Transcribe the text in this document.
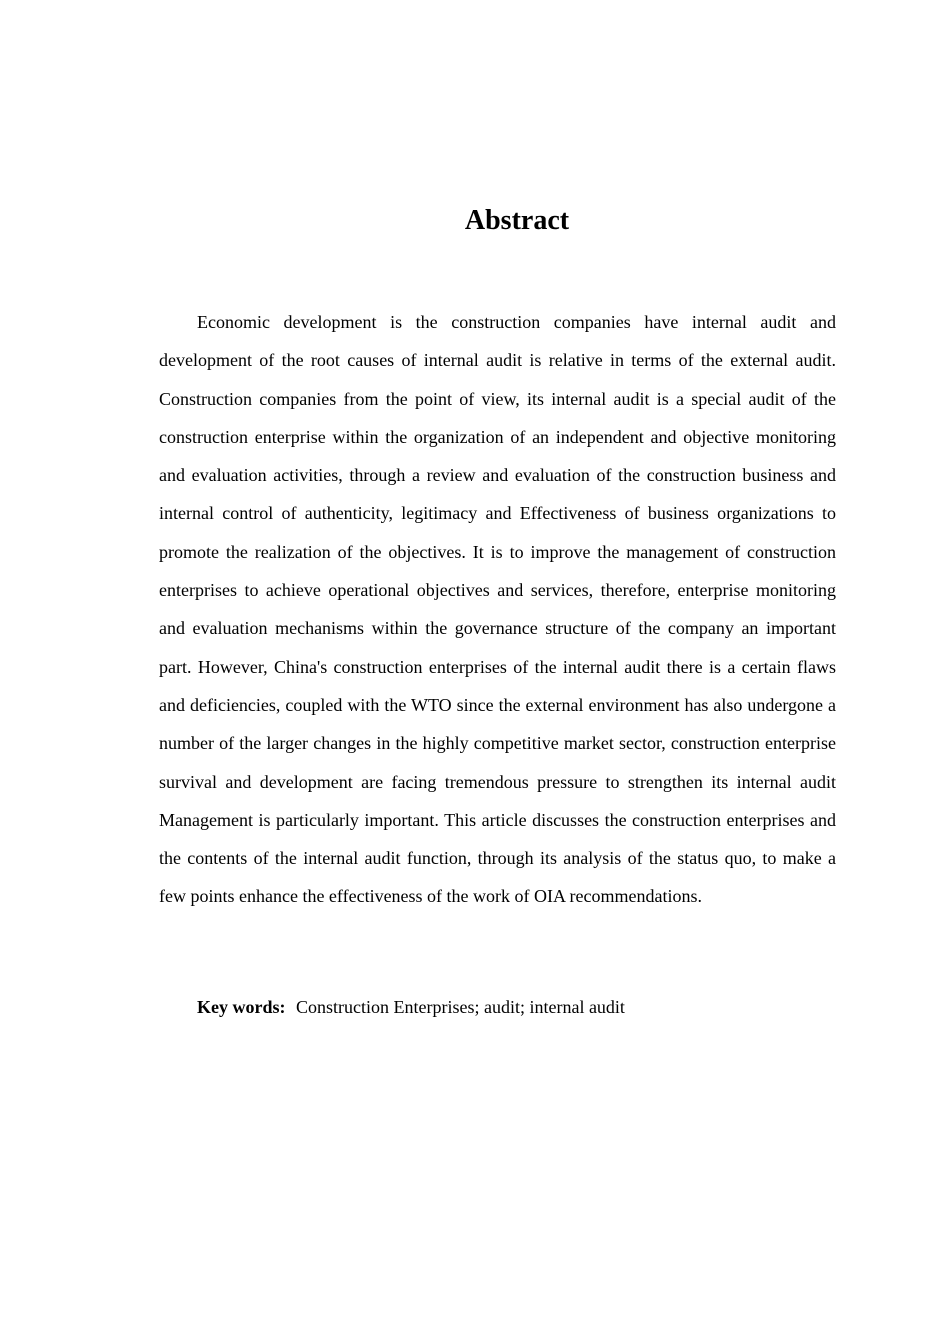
Abstract

Economic development is the construction companies have internal audit and development of the root causes of internal audit is relative in terms of the external audit. Construction companies from the point of view, its internal audit is a special audit of the construction enterprise within the organization of an independent and objective monitoring and evaluation activities, through a review and evaluation of the construction business and internal control of authenticity, legitimacy and Effectiveness of business organizations to promote the realization of the objectives. It is to improve the management of construction enterprises to achieve operational objectives and services, therefore, enterprise monitoring and evaluation mechanisms within the governance structure of the company an important part. However, China's construction enterprises of the internal audit there is a certain flaws and deficiencies, coupled with the WTO since the external environment has also undergone a number of the larger changes in the highly competitive market sector, construction enterprise survival and development are facing tremendous pressure to strengthen its internal audit Management is particularly important. This article discusses the construction enterprises and the contents of the internal audit function, through its analysis of the status quo, to make a few points enhance the effectiveness of the work of OIA recommendations.

Key words: Construction Enterprises; audit; internal audit
